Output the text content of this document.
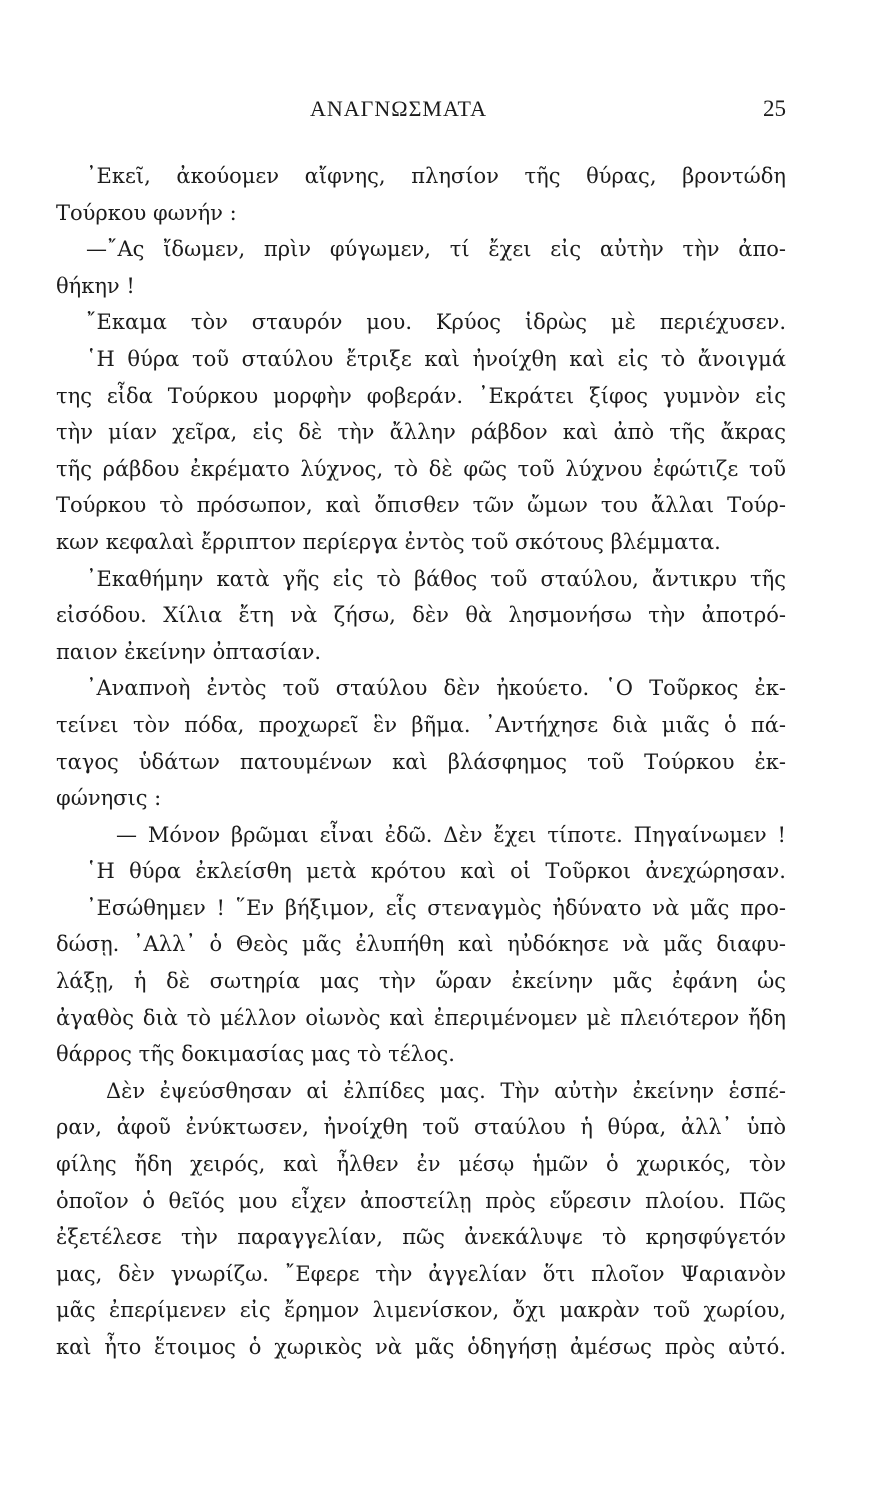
ΑΝΑΓΝΩΣΜΑΤΑ	25
᾿Εκεῖ, ἀκούομεν αἴφνης, πλησίον τῆς θύρας, βροντώδη
Τούρκου φωνήν :
—῎Ας ἴδωμεν, πρὶν φύγωμεν, τί ἔχει εἰς αὐτὴν τὴν ἀπο-
θήκην !
῎Εκαμα τὸν σταυρόν μου. Κρύος ἱδρὼς μὲ περιέχυσεν.
῾Η θύρα τοῦ σταύλου ἔτριξε καὶ ἠνοίχθη καὶ εἰς τὸ ἄνοιγμά
της εἶδα Τούρκου μορφὴν φοβεράν. ᾿Εκράτει ξίφος γυμνὸν εἰς
τὴν μίαν χεῖρα, εἰς δὲ τὴν ἄλλην ράβδον καὶ ἀπὸ τῆς ἄκρας
τῆς ράβδου ἐκρέματο λύχνος, τὸ δὲ φῶς τοῦ λύχνου ἐφώτιζε τοῦ
Τούρκου τὸ πρόσωπον, καὶ ὄπισθεν τῶν ὤμων του ἄλλαι Τούρ-
κων κεφαλαὶ ἔρριπτον περίεργα ἐντὸς τοῦ σκότους βλέμματα.
᾿Εκαθήμην κατὰ γῆς εἰς τὸ βάθος τοῦ σταύλου, ἄντικρυ τῆς
εἰσόδου. Χίλια ἔτη νὰ ζήσω, δὲν θὰ λησμονήσω τὴν ἀποτρό-
παιον ἐκείνην ὀπτασίαν.
᾿Αναπνοὴ ἐντὸς τοῦ σταύλου δὲν ἠκούετο. ῾Ο Τοῦρκος ἐκ-
τείνει τὸν πόδα, προχωρεῖ ἓν βῆμα. ᾿Αντήχησε διὰ μιᾶς ὁ πά-
ταγος ὑδάτων πατουμένων καὶ βλάσφημος τοῦ Τούρκου ἐκ-
φώνησις :
— Μόνον βρῶμαι εἶναι ἐδῶ. Δὲν ἔχει τίποτε. Πηγαίνωμεν !
῾Η θύρα ἐκλείσθη μετὰ κρότου καὶ οἱ Τοῦρκοι ἀνεχώρησαν.
᾿Εσώθημεν ! ῞Εν βήξιμον, εἷς στεναγμὸς ἠδύνατο νὰ μᾶς προ-
δώσῃ. ᾿Αλλ᾿ ὁ Θεὸς μᾶς ἐλυπήθη καὶ ηὐδόκησε νὰ μᾶς διαφυ-
λάξῃ, ἡ δὲ σωτηρία μας τὴν ὥραν ἐκείνην μᾶς ἐφάνη ὡς
ἀγαθὸς διὰ τὸ μέλλον οἰωνὸς καὶ ἐπεριμένομεν μὲ πλειότερον ἤδη
θάρρος τῆς δοκιμασίας μας τὸ τέλος.
Δὲν ἐψεύσθησαν αἱ ἐλπίδες μας. Τὴν αὐτὴν ἐκείνην ἑσπέ-
ραν, ἀφοῦ ἐνύκτωσεν, ἠνοίχθη τοῦ σταύλου ἡ θύρα, ἀλλ᾿ ὑπὸ
φίλης ἤδη χειρός, καὶ ἦλθεν ἐν μέσῳ ἡμῶν ὁ χωρικός, τὸν
ὁποῖον ὁ θεῖός μου εἶχεν ἀποστείλῃ πρὸς εὕρεσιν πλοίου. Πῶς
ἐξετέλεσε τὴν παραγγελίαν, πῶς ἀνεκάλυψε τὸ κρησφύγετόν
μας, δὲν γνωρίζω. ῎Εφερε τὴν ἀγγελίαν ὅτι πλοῖον Ψαριανὸν
μᾶς ἐπερίμενεν εἰς ἔρημον λιμενίσκον, ὄχι μακρὰν τοῦ χωρίου,
καὶ ἦτο ἕτοιμος ὁ χωρικὸς νὰ μᾶς ὁδηγήσῃ ἀμέσως πρὸς αὐτό.
